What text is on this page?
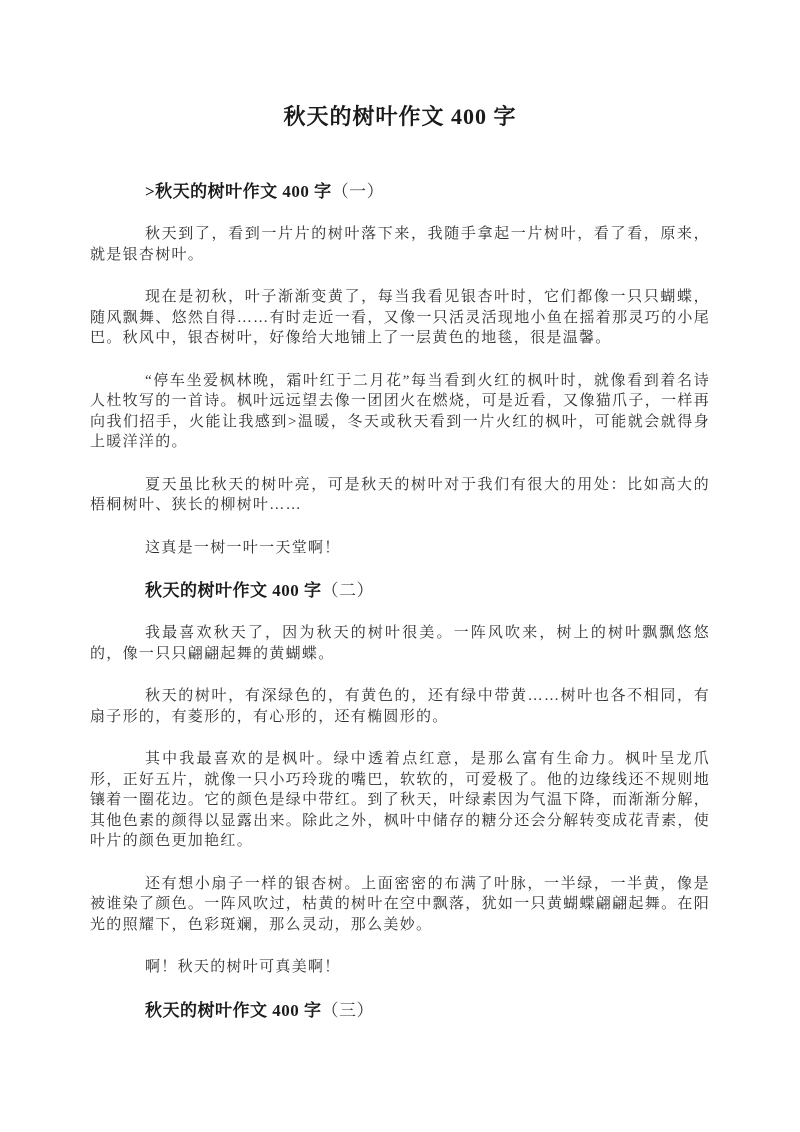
秋天的树叶作文 400 字
>秋天的树叶作文 400 字（一）

秋天到了，看到一片片的树叶落下来，我随手拿起一片树叶，看了看，原来，就是银杏树叶。

现在是初秋，叶子渐渐变黄了，每当我看见银杏叶时，它们都像一只只蝴蝶，随风飘舞、悠然自得……有时走近一看，又像一只活灵活现地小鱼在摇着那灵巧的小尾巴。秋风中，银杏树叶，好像给大地铺上了一层黄色的地毯，很是温馨。

“停车坐爱枫林晚，霜叶红于二月花”每当看到火红的枫叶时，就像看到着名诗人杜牧写的一首诗。枫叶远远望去像一团团火在燃烧，可是近看，又像猫爪子，一样再向我们招手，火能让我感到>温暖，冬天或秋天看到一片火红的枫叶，可能就会就得身上暖洋洋的。

夏天虽比秋天的树叶亮，可是秋天的树叶对于我们有很大的用处：比如高大的梧桐树叶、狭长的柳树叶……

这真是一树一叶一天堂啊！

秋天的树叶作文 400 字（二）

我最喜欢秋天了，因为秋天的树叶很美。一阵风吹来，树上的树叶飘飘悠悠的，像一只只翩翩起舞的黄蝴蝶。

秋天的树叶，有深绿色的，有黄色的，还有绿中带黄……树叶也各不相同，有扇子形的，有菱形的，有心形的，还有椭圆形的。

其中我最喜欢的是枫叶。绿中透着点红意，是那么富有生命力。枫叶呈龙爪形，正好五片，就像一只小巧玲珑的嘴巴，软软的，可爱极了。他的边缘线还不规则地镶着一圈花边。它的颜色是绿中带红。到了秋天，叶绿素因为气温下降，而渐渐分解，其他色素的颜得以显露出来。除此之外，枫叶中储存的糖分还会分解转变成花青素，使叶片的颜色更加艳红。

还有想小扇子一样的银杏树。上面密密的布满了叶脉，一半绿，一半黄，像是被谁染了颜色。一阵风吹过，枯黄的树叶在空中飘落，犹如一只黄蝴蝶翩翩起舞。在阳光的照耀下，色彩斑斓，那么灵动，那么美妙。

啊！秋天的树叶可真美啊！

秋天的树叶作文 400 字（三）
